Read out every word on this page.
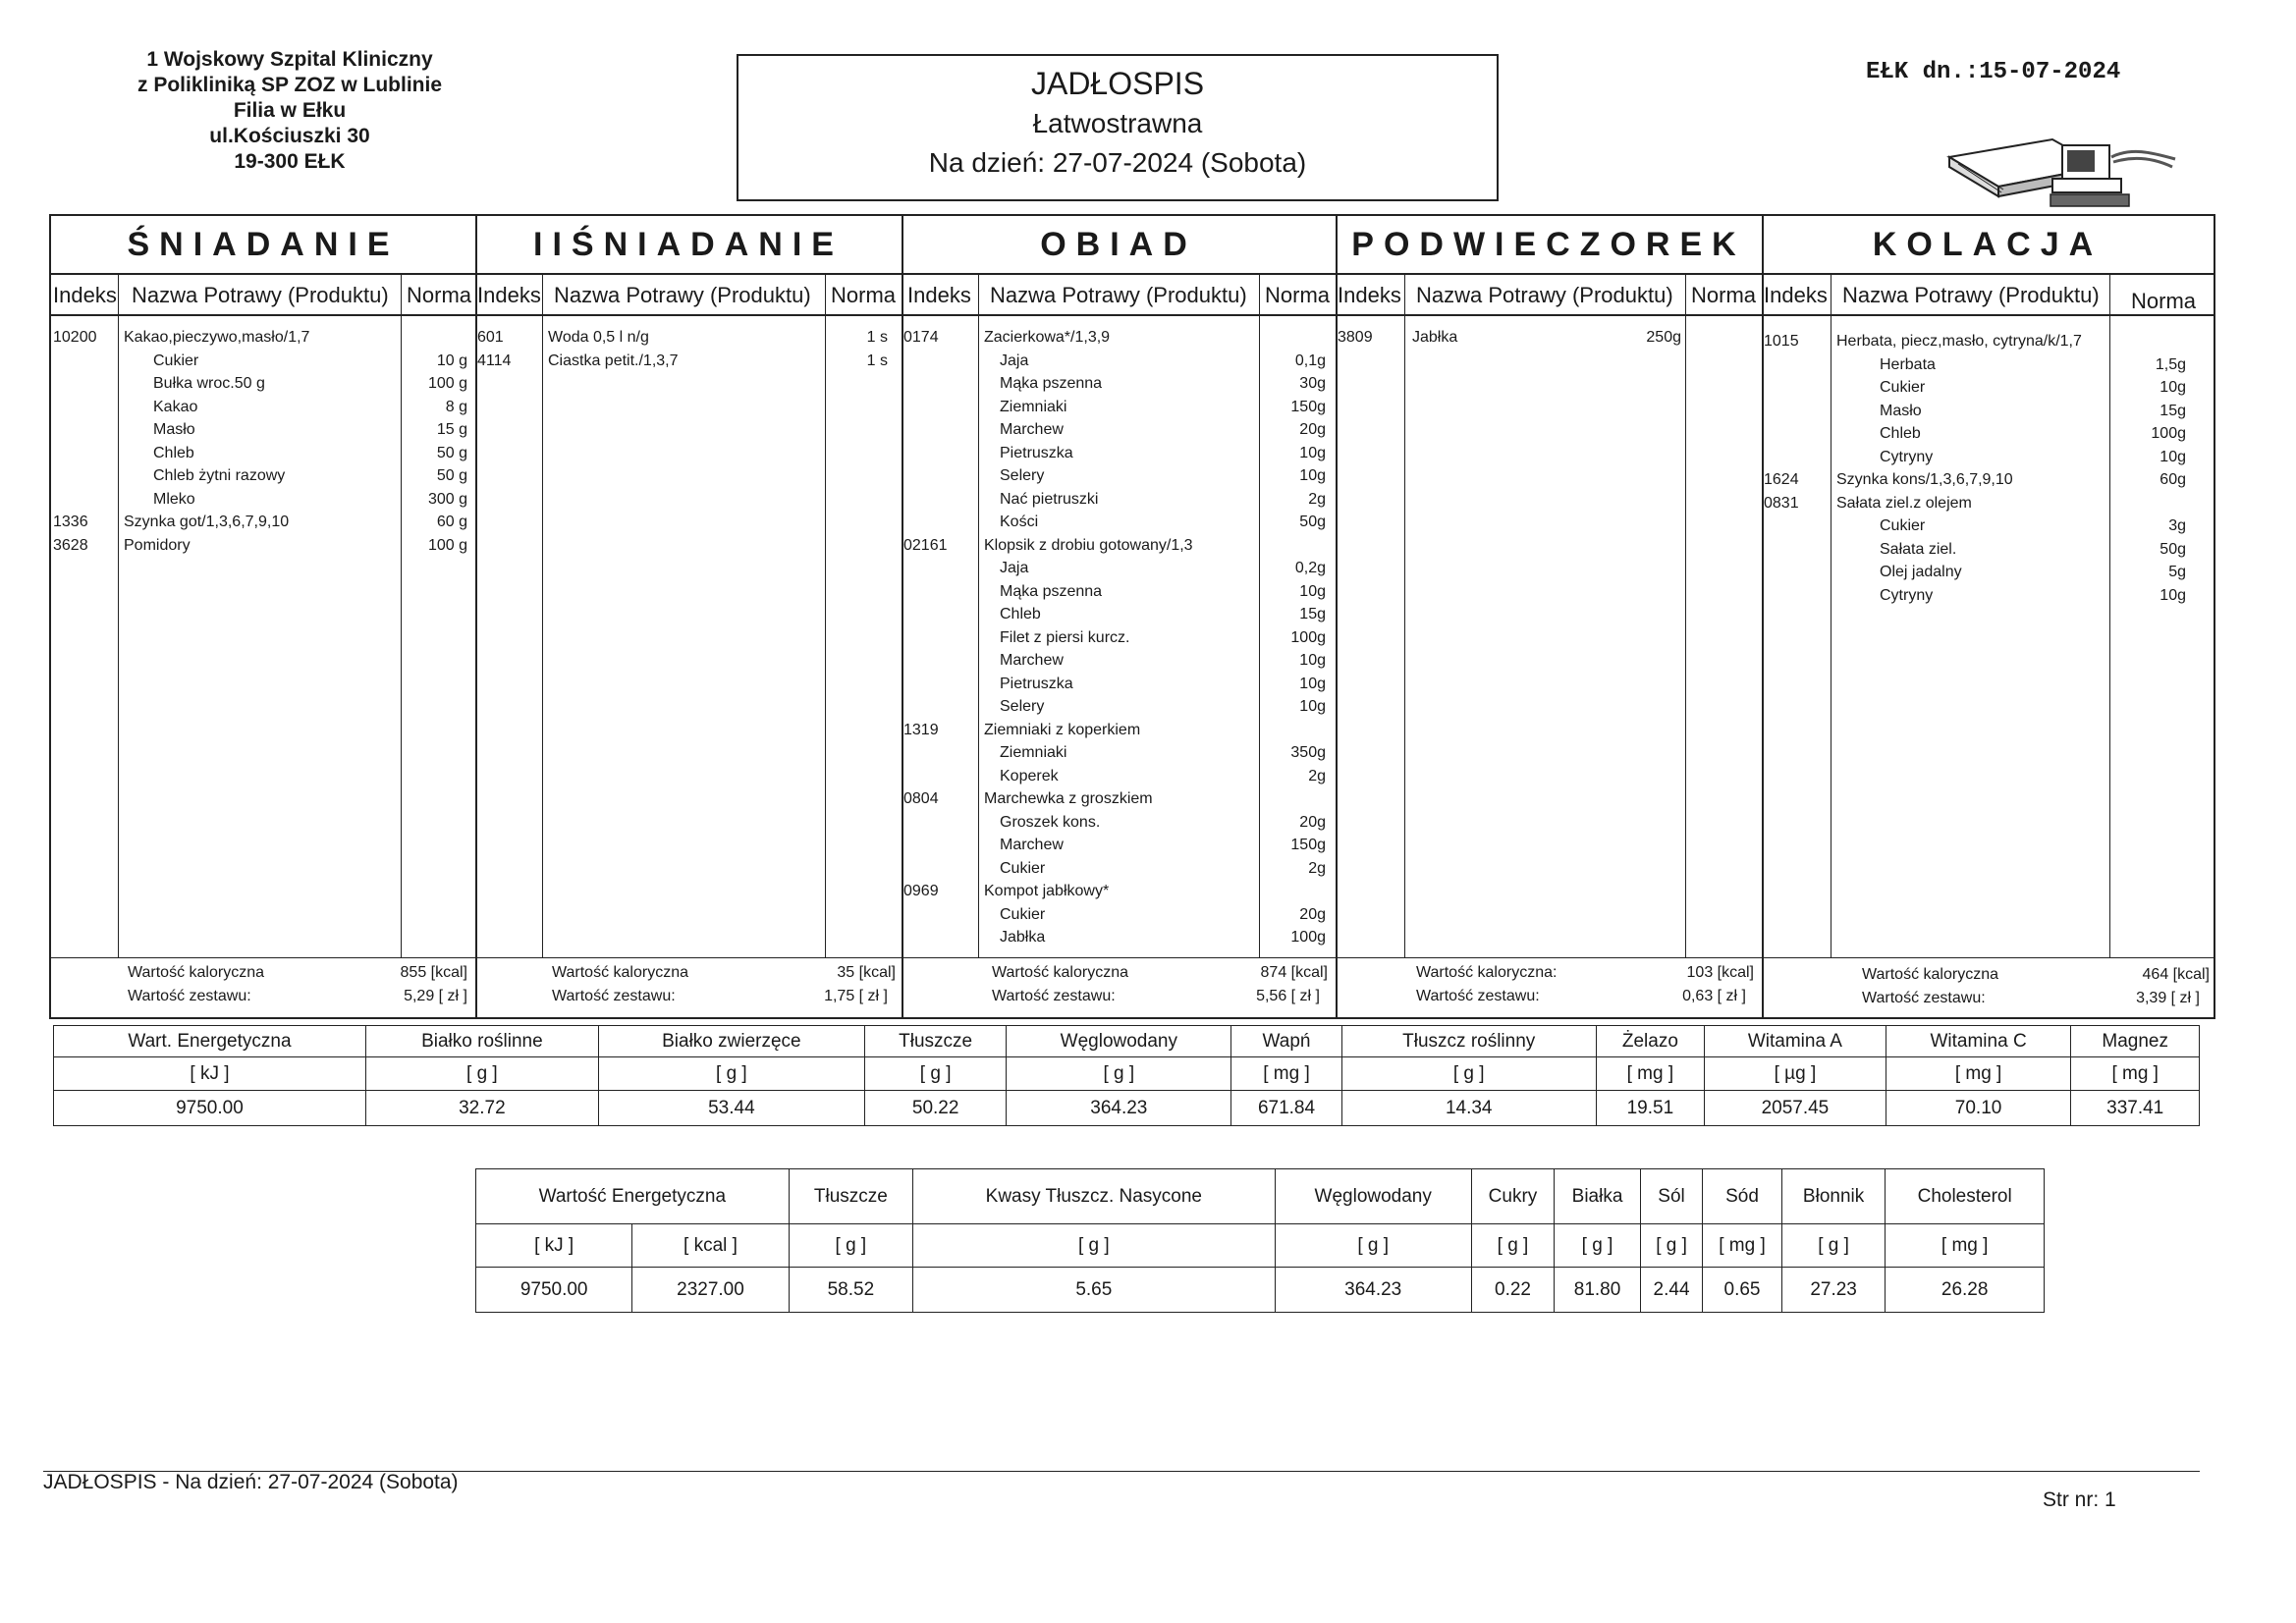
1 Wojskowy Szpital Kliniczny
z Polikliniką SP ZOZ w Lublinie
Filia w Ełku
ul.Kościuszki 30
19-300 EŁK
JADŁOSPIS
Łatwostrawna
Na dzień: 27-07-2024 (Sobota)
EŁK dn.:15-07-2024
ŚNIADANIE
Indeks Nazwa Potrawy (Produktu) Norma
Wartość kaloryczna	855 [kcal]
Wartość zestawu:	5,29 [ zł ]
10200 Kakao,pieczywo,masło/1,7
Cukier	10 g
Bułka wroc.50 g	100 g
Kakao	8 g
Masło	15 g
Chleb	50 g
Chleb żytni razowy	50 g
Mleko	300 g
1336 Szynka got/1,3,6,7,9,10	60 g
3628 Pomidory	100 g
IIŚNIADANIE
Indeks Nazwa Potrawy (Produktu) Norma
Wartość kaloryczna	35 [kcal]
Wartość zestawu:	1,75 [ zł ]
601	Woda 0,5 l n/g	1 s
4114 Ciastka petit./1,3,7	1 s
OBIAD
Indeks Nazwa Potrawy (Produktu) Norma
Wartość kaloryczna	874 [kcal]
Wartość zestawu:	5,56 [ zł ]
0174	Zacierkowa*/1,3,9
Jaja	0,1g
Mąka pszenna	30g
Ziemniaki	150g
Marchew	20g
Pietruszka	10g
Selery	10g
Nać pietruszki	2g
Kości	50g
02161 Klopsik z drobiu gotowany/1,3
Jaja	0,2g
Mąka pszenna	10g
Chleb	15g
Filet z piersi kurcz.	100g
Marchew	10g
Pietruszka	10g
Selery	10g
1319	Ziemniaki z koperkiem
Ziemniaki	350g
Koperek	2g
0804	Marchewka z groszkiem
Groszek kons.	20g
Marchew	150g
Cukier	2g
0969	Kompot jabłkowy*
Cukier	20g
Jabłka	100g
PODWIECZOREK
Indeks Nazwa Potrawy (Produktu) Norma
Wartość kaloryczna:	103 [kcal]
Wartość zestawu:	0,63 [ zł ]
3809	Jabłka	250g
KOLACJA
Indeks Nazwa Potrawy (Produktu) Norma
Wartość kaloryczna	464 [kcal]
Wartość zestawu:	3,39 [ zł ]
1015 Herbata, piecz,masło, cytryna/k/1,7
Herbata	1,5g
Cukier	10g
Masło	15g
Chleb	100g
Cytryny	10g
1624 Szynka kons/1,3,6,7,9,10	60g
0831 Sałata ziel.z olejem
Cukier	3g
Sałata ziel.	50g
Olej jadalny	5g
Cytryny	10g
Wart. Energetyczna	Białko roślinne	Białko zwierzęce	Tłuszcze	Węglowodany	Wapń	Tłuszcz roślinny	Żelazo	Witamina A	Witamina C	Magnez
[ kJ ]	[ g ]	[ g ]	[ g ]	[ g ]	[ mg ]	[ g ]	[ mg ]	[ µg ]	[ mg ]	[ mg ]
9750.00	32.72	53.44	50.22	364.23	671.84	14.34	19.51	2057.45	70.10	337.41
Wartość Energetyczna		Tłuszcze	Kwasy Tłuszcz. Nasycone	Węglowodany	Cukry	Białka	Sól	Sód	Błonnik	Cholesterol
[ kJ ]	[ kcal ]	[ g ]	[ g ]	[ g ]	[ g ]	[ g ]	[ g ]	[ mg ]	[ g ]	[ mg ]
9750.00	2327.00	58.52	5.65	364.23	0.22	81.80	2.44	0.65	27.23	26.28
JADŁOSPIS - Na dzień: 27-07-2024 (Sobota)
Str nr: 1
